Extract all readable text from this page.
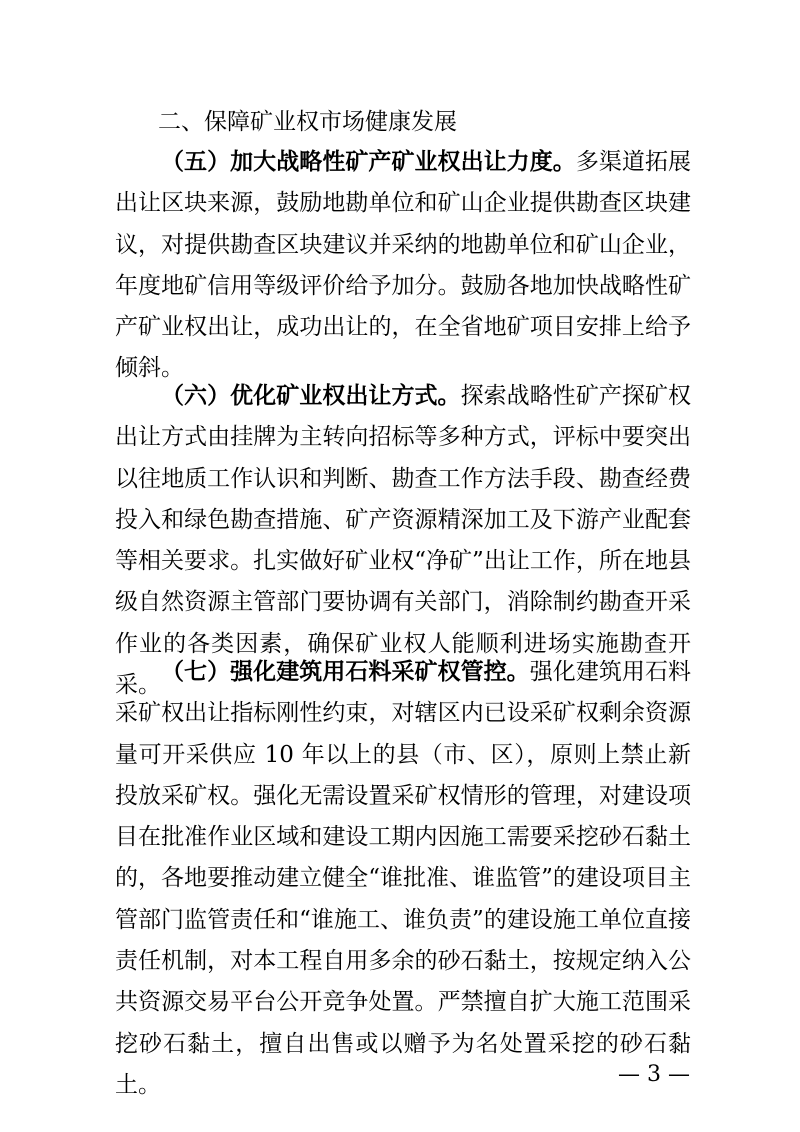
二、保障矿业权市场健康发展

（五）加大战略性矿产矿业权出让力度。多渠道拓展出让区块来源，鼓励地勘单位和矿山企业提供勘查区块建议，对提供勘查区块建议并采纳的地勘单位和矿山企业，年度地矿信用等级评价给予加分。鼓励各地加快战略性矿产矿业权出让，成功出让的，在全省地矿项目安排上给予倾斜。

（六）优化矿业权出让方式。探索战略性矿产探矿权出让方式由挂牌为主转向招标等多种方式，评标中要突出以往地质工作认识和判断、勘查工作方法手段、勘查经费投入和绿色勘查措施、矿产资源精深加工及下游产业配套等相关要求。扎实做好矿业权“净矿”出让工作，所在地县级自然资源主管部门要协调有关部门，消除制约勘查开采作业的各类因素，确保矿业权人能顺利进场实施勘查开采。

（七）强化建筑用石料采矿权管控。强化建筑用石料采矿权出让指标刚性约束，对辖区内已设采矿权剩余资源量可开采供应 10 年以上的县（市、区），原则上禁止新投放采矿权。强化无需设置采矿权情形的管理，对建设项目在批准作业区域和建设工期内因施工需要采挖砂石黏土的，各地要推动建立健全“谁批准、谁监管”的建设项目主管部门监管责任和“谁施工、谁负责”的建设施工单位直接责任机制，对本工程自用多余的砂石黏土，按规定纳入公共资源交易平台公开竞争处置。严禁擅自扩大施工范围采挖砂石黏土，擅自出售或以赠予为名处置采挖的砂石黏土。	— 3 —
